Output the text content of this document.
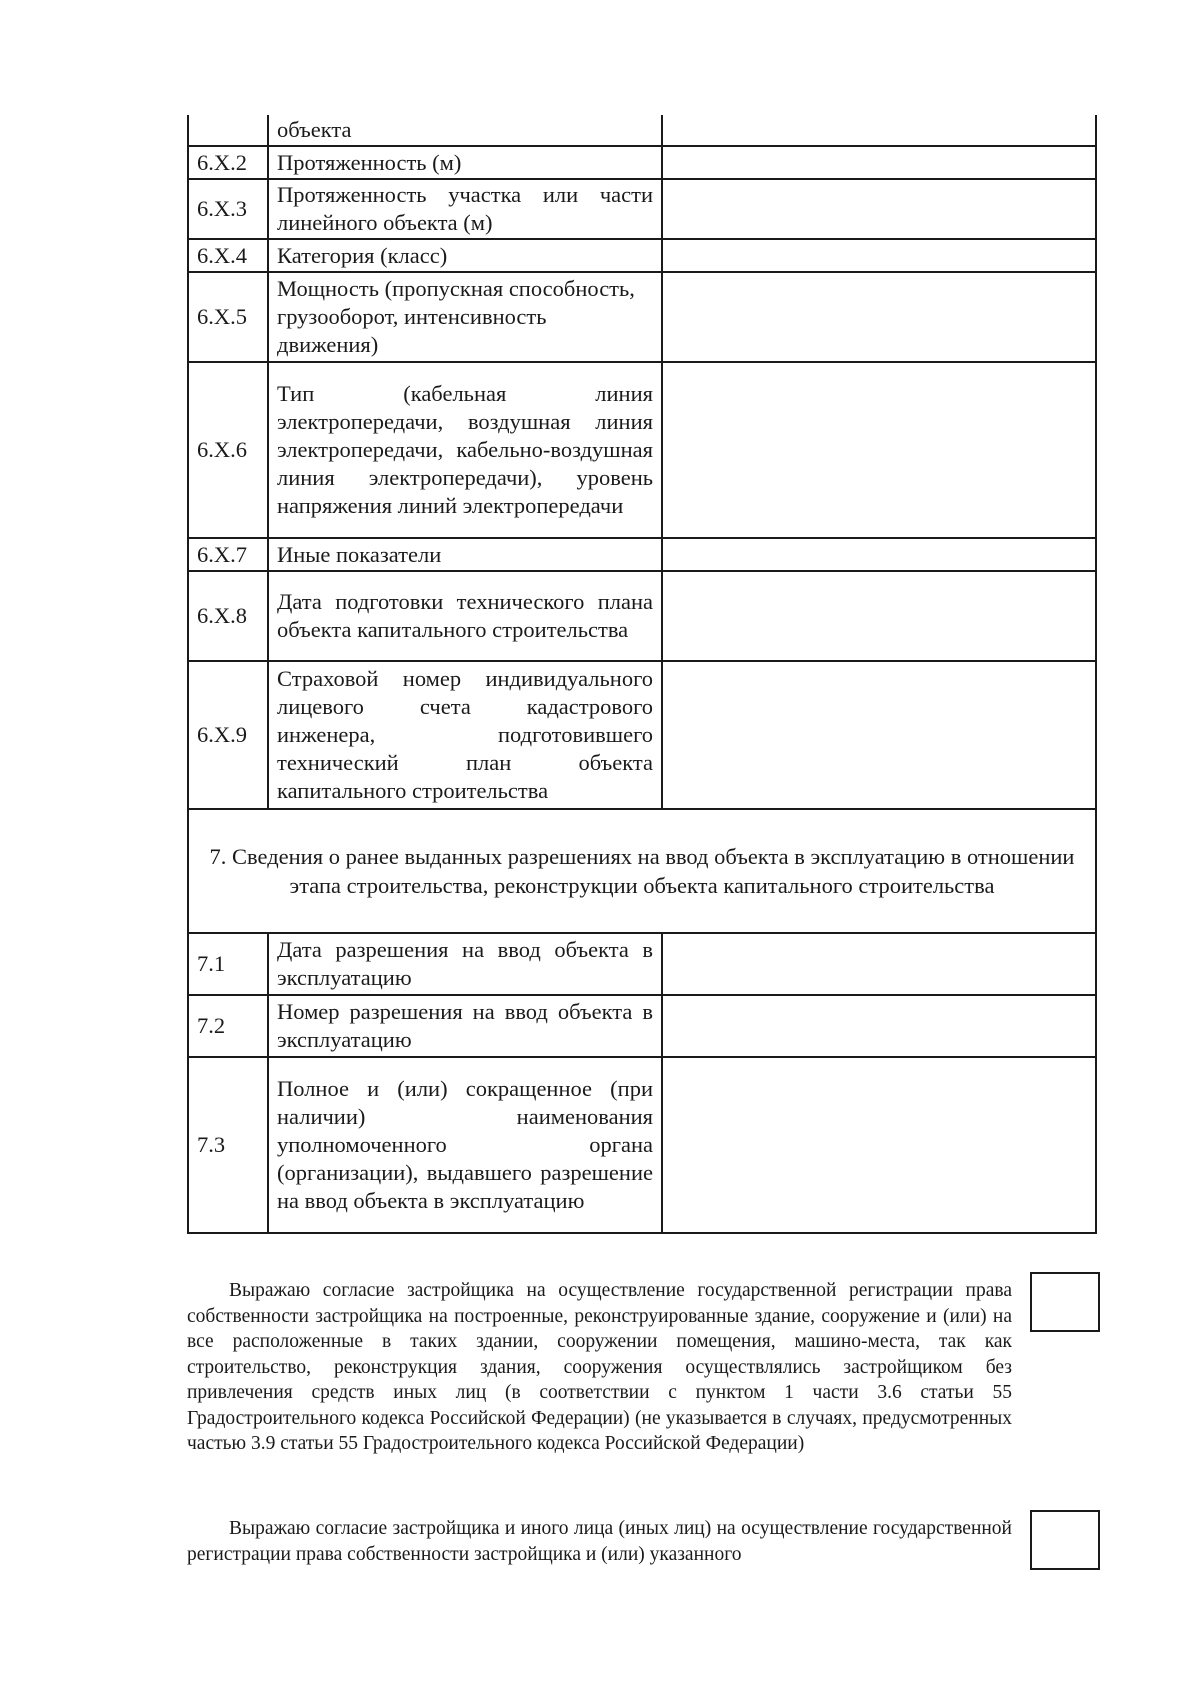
	объекта	

6.Х.2	Протяженность (м)	

6.Х.3	Протяженность участка или части линейного объекта (м)	
6.Х.4	Категория (класс)	
6.Х.5	Мощность (пропускная способность, грузооборот, интенсивность движения)	
6.Х.6	Тип (кабельная линия электропередачи, воздушная линия электропередачи, кабельно-воздушная линия электропередачи), уровень напряжения линий электропередачи	
6.Х.7	Иные показатели	
6.Х.8	Дата подготовки технического плана объекта капитального строительства	
6.Х.9	Страховой номер индивидуального лицевого счета кадастрового инженера, подготовившего технический план объекта капитального строительства	
7. Сведения о ранее выданных разрешениях на ввод объекта в эксплуатацию в отношении этапа строительства, реконструкции объекта капитального строительства		
7.1	Дата разрешения на ввод объекта в эксплуатацию	
7.2	Номер разрешения на ввод объекта в эксплуатацию	
7.3	Полное и (или) сокращенное (при наличии) наименования уполномоченного органа (организации), выдавшего разрешение на ввод объекта в эксплуатацию	

Выражаю согласие застройщика на осуществление государственной регистрации права собственности застройщика на построенные, реконструированные здание, сооружение и (или) на все расположенные в таких здании, сооружении помещения, машино-места, так как строительство, реконструкция здания, сооружения осуществлялись застройщиком без привлечения средств иных лиц (в соответствии с пунктом 1 части 3.6 статьи 55 Градостроительного кодекса Российской Федерации) (не указывается в случаях, предусмотренных частью 3.9 статьи 55 Градостроительного кодекса Российской Федерации)

Выражаю согласие застройщика и иного лица (иных лиц) на осуществление государственной регистрации права собственности застройщика и (или) указанного
